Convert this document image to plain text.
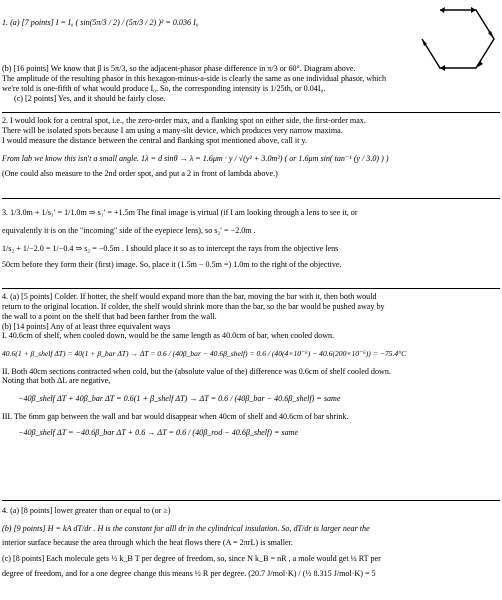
1. (a) [7 points] I = I₀ ( sin(5π/3 / 2) / (5π/3 / 2) )² = 0.036 I₀
(b) [16 points] We know that β is 5π/3, so the adjacent-phasor phase difference in π/3 or 60°. Diagram above.
The amplitude of the resulting phasor in this hexagon-minus-a-side is clearly the same as one individual phasor, which
we're told is one-fifth of what would produce I₀. So, the corresponding intensity is 1/25th, or 0.04I₀.
(c) [2 points] Yes, and it should be fairly close.
2. I would look for a central spot, i.e., the zero-order max, and a flanking spot on either side, the first-order max.
There will be isolated spots because I am using a many-slit device, which produces very narrow maxima.
I would measure the distance between the central and flanking spot mentioned above, call it y.
From lab we know this isn't a small angle. 1λ = d sinθ → λ = 1.6μm · y / √(y² + 3.0m²) ( or 1.6μm sin( tan⁻¹ (y / 3.0) ) )
(One could also measure to the 2nd order spot, and put a 2 in front of lambda above.)
3. 1/3.0m + 1/s₁′ = 1/1.0m ⇒ s₁′ = +1.5m The final image is virtual (if I am looking through a lens to see it, or
equivalently it is on the "incoming" side of the eyepiece lens), so s₂′ = −2.0m .
1/s₂ + 1/−2.0 = 1/−0.4 ⇒ s₂ = −0.5m . I should place it so as to intercept the rays from the objective lens
50cm before they form their (first) image. So, place it (1.5m − 0.5m =) 1.0m to the right of the objective.
4. (a) [5 points] Colder. If hotter, the shelf would expand more than the bar, moving the bar with it, then both would
return to the original location. If colder, the shelf would shrink more than the bar, so the bar would be pushed away by
the wall to a point on the shelf that had been farther from the wall.
(b) [14 points] Any of at least three equivalent ways
I. 40.6cm of shelf, when cooled down, would be the same length as 40.0cm of bar, when cooled down.
40.6(1 + β_shelf ΔT) = 40(1 + β_bar ΔT) → ΔT = 0.6 / (40β_bar − 40.6β_shelf) = 0.6 / (40(4×10⁻⁶) − 40.6(200×10⁻⁶)) = −75.4°C
II. Both 40cm sections contracted when cold, but the (absolute value of the) difference was 0.6cm of shelf cooled down.
Noting that both ΔL are negative,
−40β_shelf ΔT + 40β_bar ΔT = 0.6(1 + β_shelf ΔT) → ΔT = 0.6 / (40β_bar − 40.6β_shelf) = same
III. The 6mm gap between the wall and bar would disappear when 40cm of shelf and 40.6cm of bar shrink.
−40β_shelf ΔT = −40.6β_bar ΔT + 0.6 → ΔT = 0.6 / (40β_rod − 40.6β_shelf) = same
4. (a) [8 points] lower greater than or equal to (or ≥)
(b) [9 points] H = kA dT/dr . H is the constant for alll dr in the cylindrical insulation. So, dT/dr is larger near the
interior surface because the area through which the heat flows there (A = 2πrL) is smaller.
(c) [8 points] Each molecule gets ½ k_B T per degree of freedom, so, since N k_B = nR , a mole would get ½ RT per
degree of freedom, and for a one degree change this means ½ R per degree. (20.7 J/mol·K) / (½ 8.315 J/mol·K) = 5
